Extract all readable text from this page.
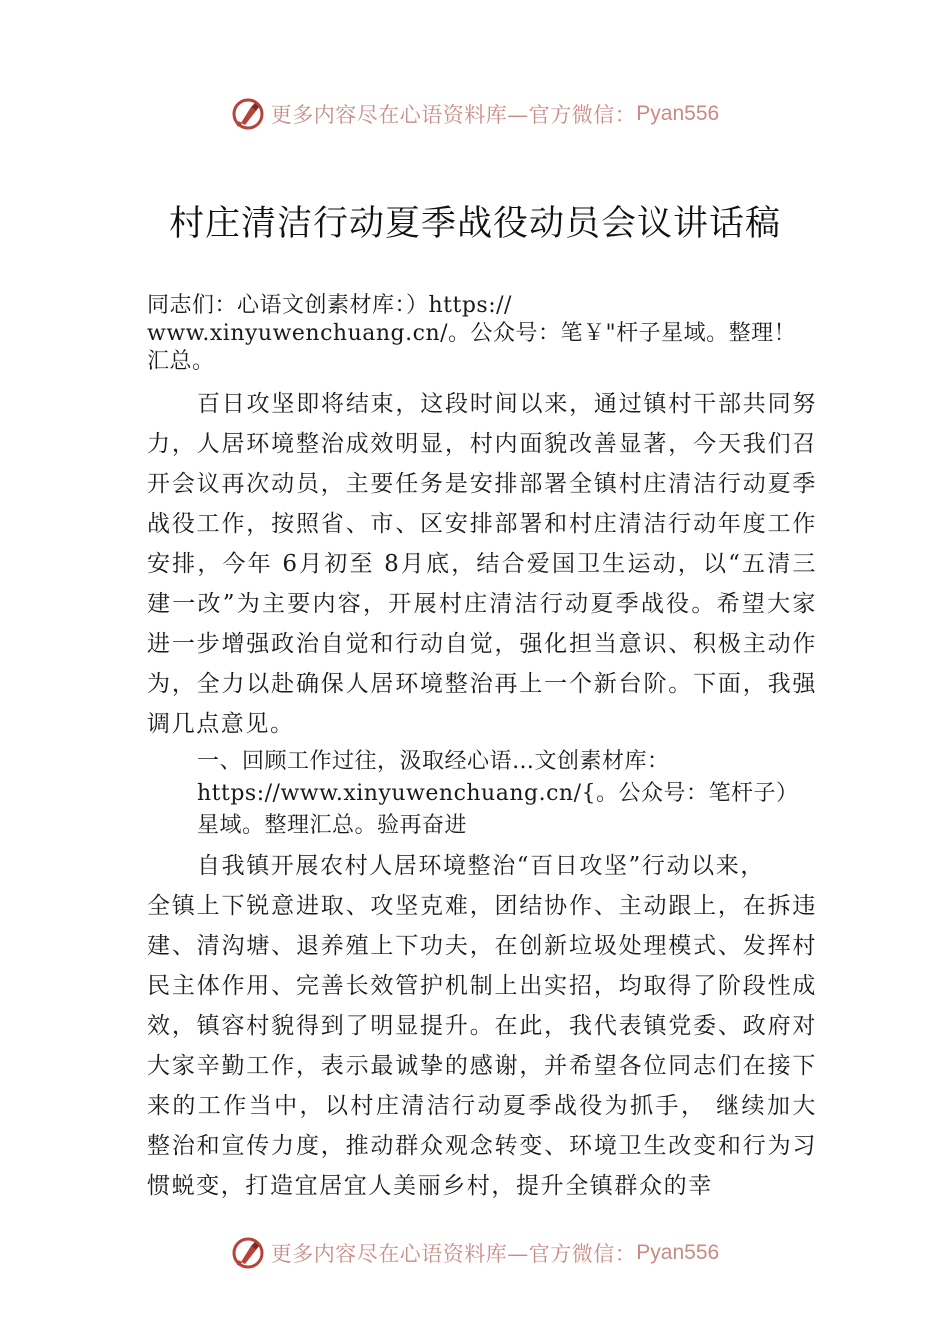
更多内容尽在心语资料库—官方微信： Pyan556
村庄清洁行动夏季战役动员会议讲话稿

同志们：心语文创素材库：）https://
www.xinyuwenchuang.cn/。公众号：笔￥"杆子星域。整理！
汇总。

百日攻坚即将结束，这段时间以来，通过镇村干部共同努力，人居环境整治成效明显，村内面貌改善显著，今天我们召开会议再次动员，主要任务是安排部署全镇村庄清洁行动夏季战役工作，按照省、市、区安排部署和村庄清洁行动年度工作安排，今年 6月初至 8月底，结合爱国卫生运动，以“五清三建一改”为主要内容，开展村庄清洁行动夏季战役。希望大家进一步增强政治自觉和行动自觉，强化担当意识、积极主动作为，全力以赴确保人居环境整治再上一个新台阶。下面，我强调几点意见。

一、回顾工作过往，汲取经心语…文创素材库：
https://www.xinyuwenchuang.cn/{。公众号：笔杆子）
星域。整理汇总。验再奋进

自我镇开展农村人居环境整治“百日攻坚”行动以来，
全镇上下锐意进取、攻坚克难，团结协作、主动跟上，在拆违建、清沟塘、退养殖上下功夫，在创新垃圾处理模式、发挥村民主体作用、完善长效管护机制上出实招，均取得了阶段性成效，镇容村貌得到了明显提升。在此，我代表镇党委、政府对大家辛勤工作，表示最诚挚的感谢，并希望各位同志们在接下来的工作当中，以村庄清洁行动夏季战役为抓手， 继续加大整治和宣传力度，推动群众观念转变、环境卫生改变和行为习惯蜕变，打造宜居宜人美丽乡村，提升全镇群众的幸

更多内容尽在心语资料库—官方微信： Pyan556
